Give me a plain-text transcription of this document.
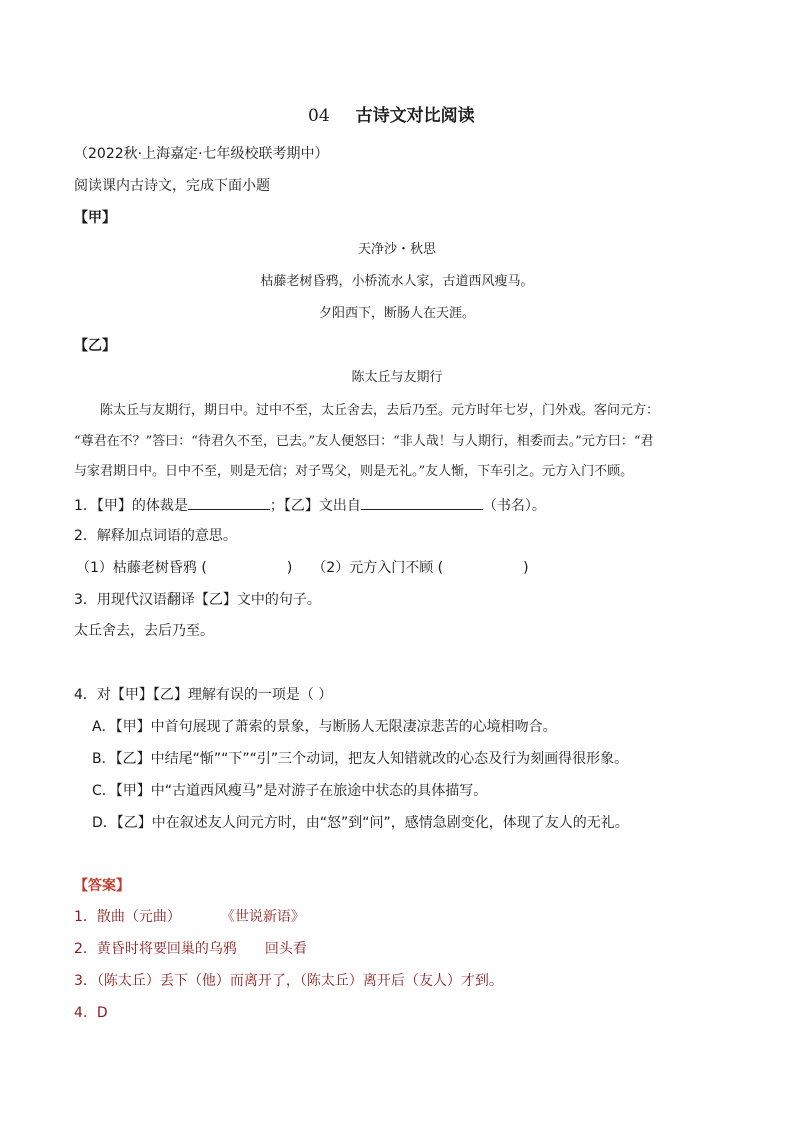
04 古诗文对比阅读
（2022秋·上海嘉定·七年级校联考期中）
阅读课内古诗文，完成下面小题
【甲】
天净沙・秋思
枯藤老树昏鸦，小桥流水人家，古道西风瘦马。
夕阳西下，断肠人在天涯。
【乙】
陈太丘与友期行
陈太丘与友期行，期日中。过中不至，太丘舍去，去后乃至。元方时年七岁，门外戏。客问元方：
“尊君在不？”答曰：“待君久不至，已去。”友人便怒曰：“非人哉！与人期行，相委而去。”元方曰：“君
与家君期日中。日中不至，则是无信；对子骂父，则是无礼。”友人惭，下车引之。元方入门不顾。
1．【甲】的体裁是	；【乙】文出自	（书名）。
2．解释加点词语的意思。
（1）枯藤老树昏鸦 (	) （2）元方入门不顾 (	)
3．用现代汉语翻译【乙】文中的句子。
太丘舍去，去后乃至。
4．对【甲】【乙】理解有误的一项是（ ）
A．【甲】中首句展现了萧索的景象，与断肠人无限凄凉悲苦的心境相吻合。
B．【乙】中结尾“惭”“下”“引”三个动词，把友人知错就改的心态及行为刻画得很形象。
C．【甲】中“古道西风瘦马”是对游子在旅途中状态的具体描写。
D．【乙】中在叙述友人问元方时，由“怒”到“问”，感情急剧变化，体现了友人的无礼。
【答案】
1．散曲（元曲）	《世说新语》
2．黄昏时将要回巢的乌鸦 回头看
3．（陈太丘）丢下（他）而离开了，（陈太丘）离开后（友人）才到。
4．D
